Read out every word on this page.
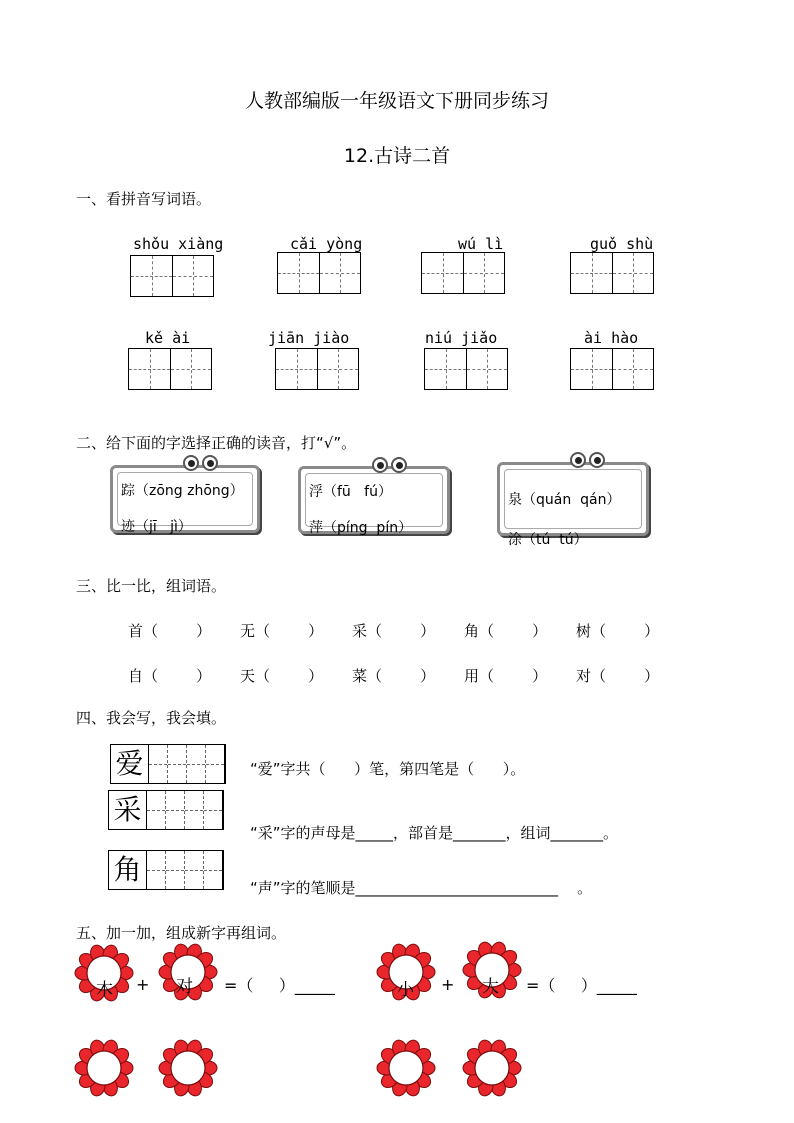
人教部编版一年级语文下册同步练习
12.古诗二首
一、看拼音写词语。
shǒu xiàng	cǎi yòng	wú lì	guǒ shù
kě ài	jiān jiào	niú jiǎo	ài hào
二、给下面的字选择正确的读音，打“√”。
踪（zōng zhōng）
迹（jī   jì）
浮（fū   fú）
萍（píng  pín）
泉（quán  qán）
涂（tú  tú）
三、比一比，组词语。
首（        ） 无（        ） 采（        ） 角（        ） 树（        ）
自（        ） 天（        ） 菜（        ） 用（        ） 对（        ）
四、我会写，我会填。
爱
采
角
“爱”字共（      ）笔，第四笔是（      ）。
“采”字的声母是_____，部首是_______，组词_______。
“声”字的笔顺是___________________________    。
五、加一加，组成新字再组词。
木 + 对 =（     ）_____	小 + 大 =（     ）_____
